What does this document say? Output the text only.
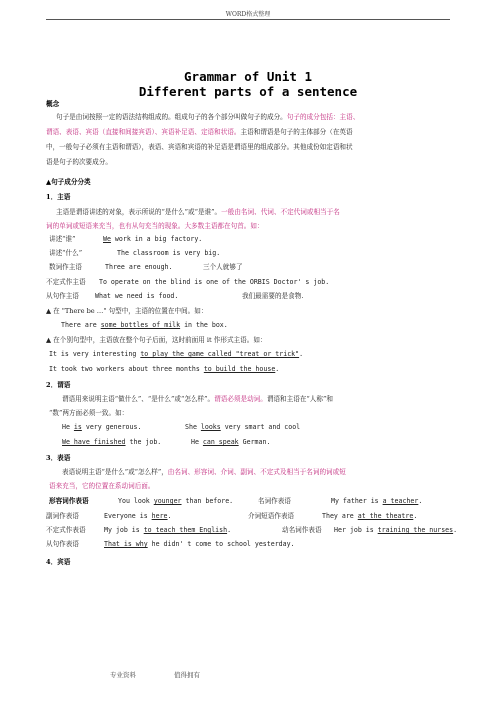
WORD格式整理
Grammar of Unit 1
Different parts of a sentence
概念
句子是由词按照一定的语法结构组成的。组成句子的各个部分叫做句子的成分。句子的成分包括：主语、
谓语、表语、宾语（直接和间接宾语）、宾语补足语、定语和状语。主语和谓语是句子的主体部分（在英语
中，一般句子必须有主语和谓语），表语、宾语和宾语的补足语是谓语里的组成部分。其他成份如定语和状
语是句子的次要成分。
▲句子成分分类
1．主语
主语是谓语讲述的对象，表示所说的“是什么”或“是谁”。一般由名词、代词、不定代词或相当于名
词的单词或短语来充当，也有从句充当的现象。大多数主语都在句首。如：
讲述“谁”	We work in a big factory.
讲述“什么”	The classroom is very big.
数词作主语	Three are enough.	三个人就够了
不定式作主语 To operate on the blind is one of the ORBIS Doctor' s job.
从句作主语 What we need is food.	我们最需要的是食物.
▲ 在 "There be …" 句型中，主语的位置在中间。如：
There are some bottles of milk in the box.
▲ 在个别句型中，主语放在整个句子后面，这时前面用 it 作形式主语。如：
It is very interesting to play the game called "treat or trick".
It took two workers about three months to build the house.
2．谓语
谓语用来说明主语“做什么”、“是什么”或“怎么样”。谓语必须是动词。谓语和主语在“人称”和
“数”两方面必须一致。如：
He is very generous.	She looks very smart and cool
We have finished the job.	He can speak German.
3．表语
表语说明主语“是什么”或“怎么样”，由名词、形容词、介词、副词、不定式及相当于名词的词或短
语来充当，它的位置在系动词后面。
形容词作表语	You look younger than before.	名词作表语	My father is a teacher.
副词作表语	Everyone is here.	介词短语作表语	They are at the theatre.
不定式作表语	My job is to teach them English.	动名词作表语 Her job is training the nurses.
从句作表语	That is why he didn' t come to school yesterday.
4．宾语
专业资料	值得拥有
